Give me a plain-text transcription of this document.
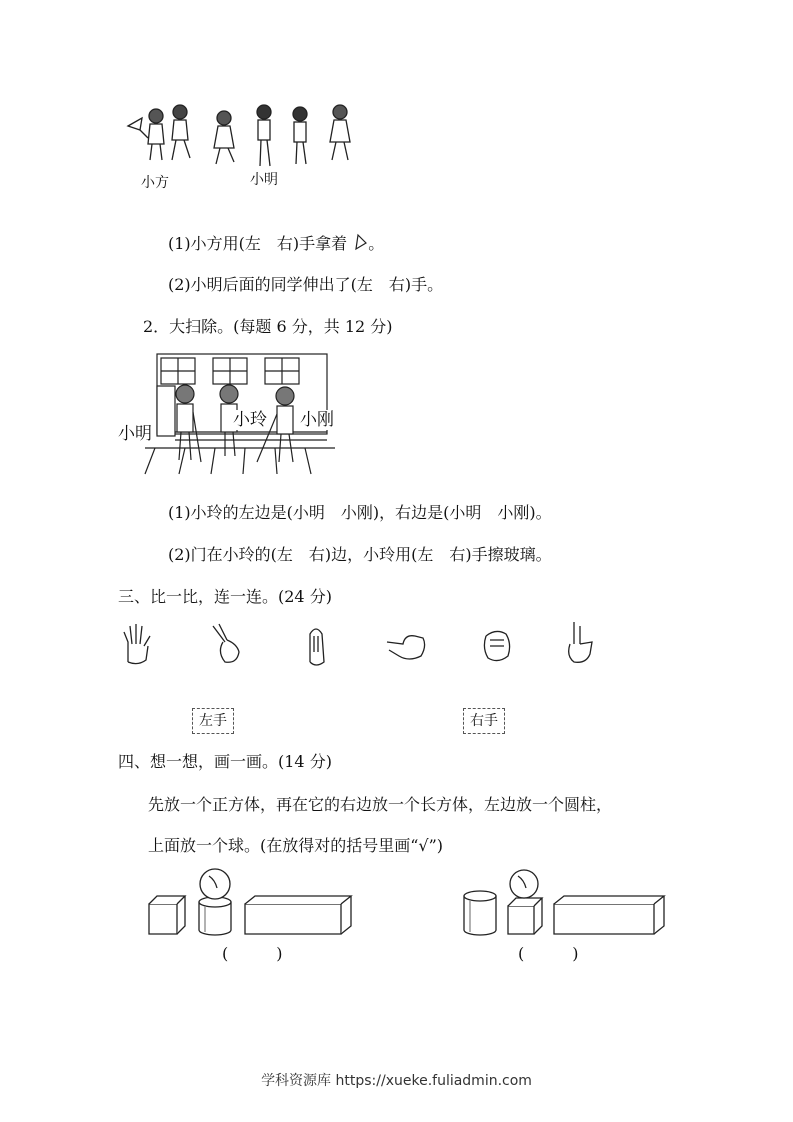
小方	小明
(1)小方用(左　右)手拿着 。
(2)小明后面的同学伸出了(左　右)手。
2．大扫除。(每题 6 分，共 12 分)
小明
小玲 小刚
(1)小玲的左边是(小明　小刚)，右边是(小明　小刚)。
(2)门在小玲的(左　右)边，小玲用(左　右)手擦玻璃。
三、比一比，连一连。(24 分)
左手	右手
四、想一想，画一画。(14 分)
先放一个正方体，再在它的右边放一个长方体，左边放一个圆柱，
上面放一个球。(在放得对的括号里画“√”)
(　　　)	(　　　)
学科资源库 https://xueke.fuliadmin.com
